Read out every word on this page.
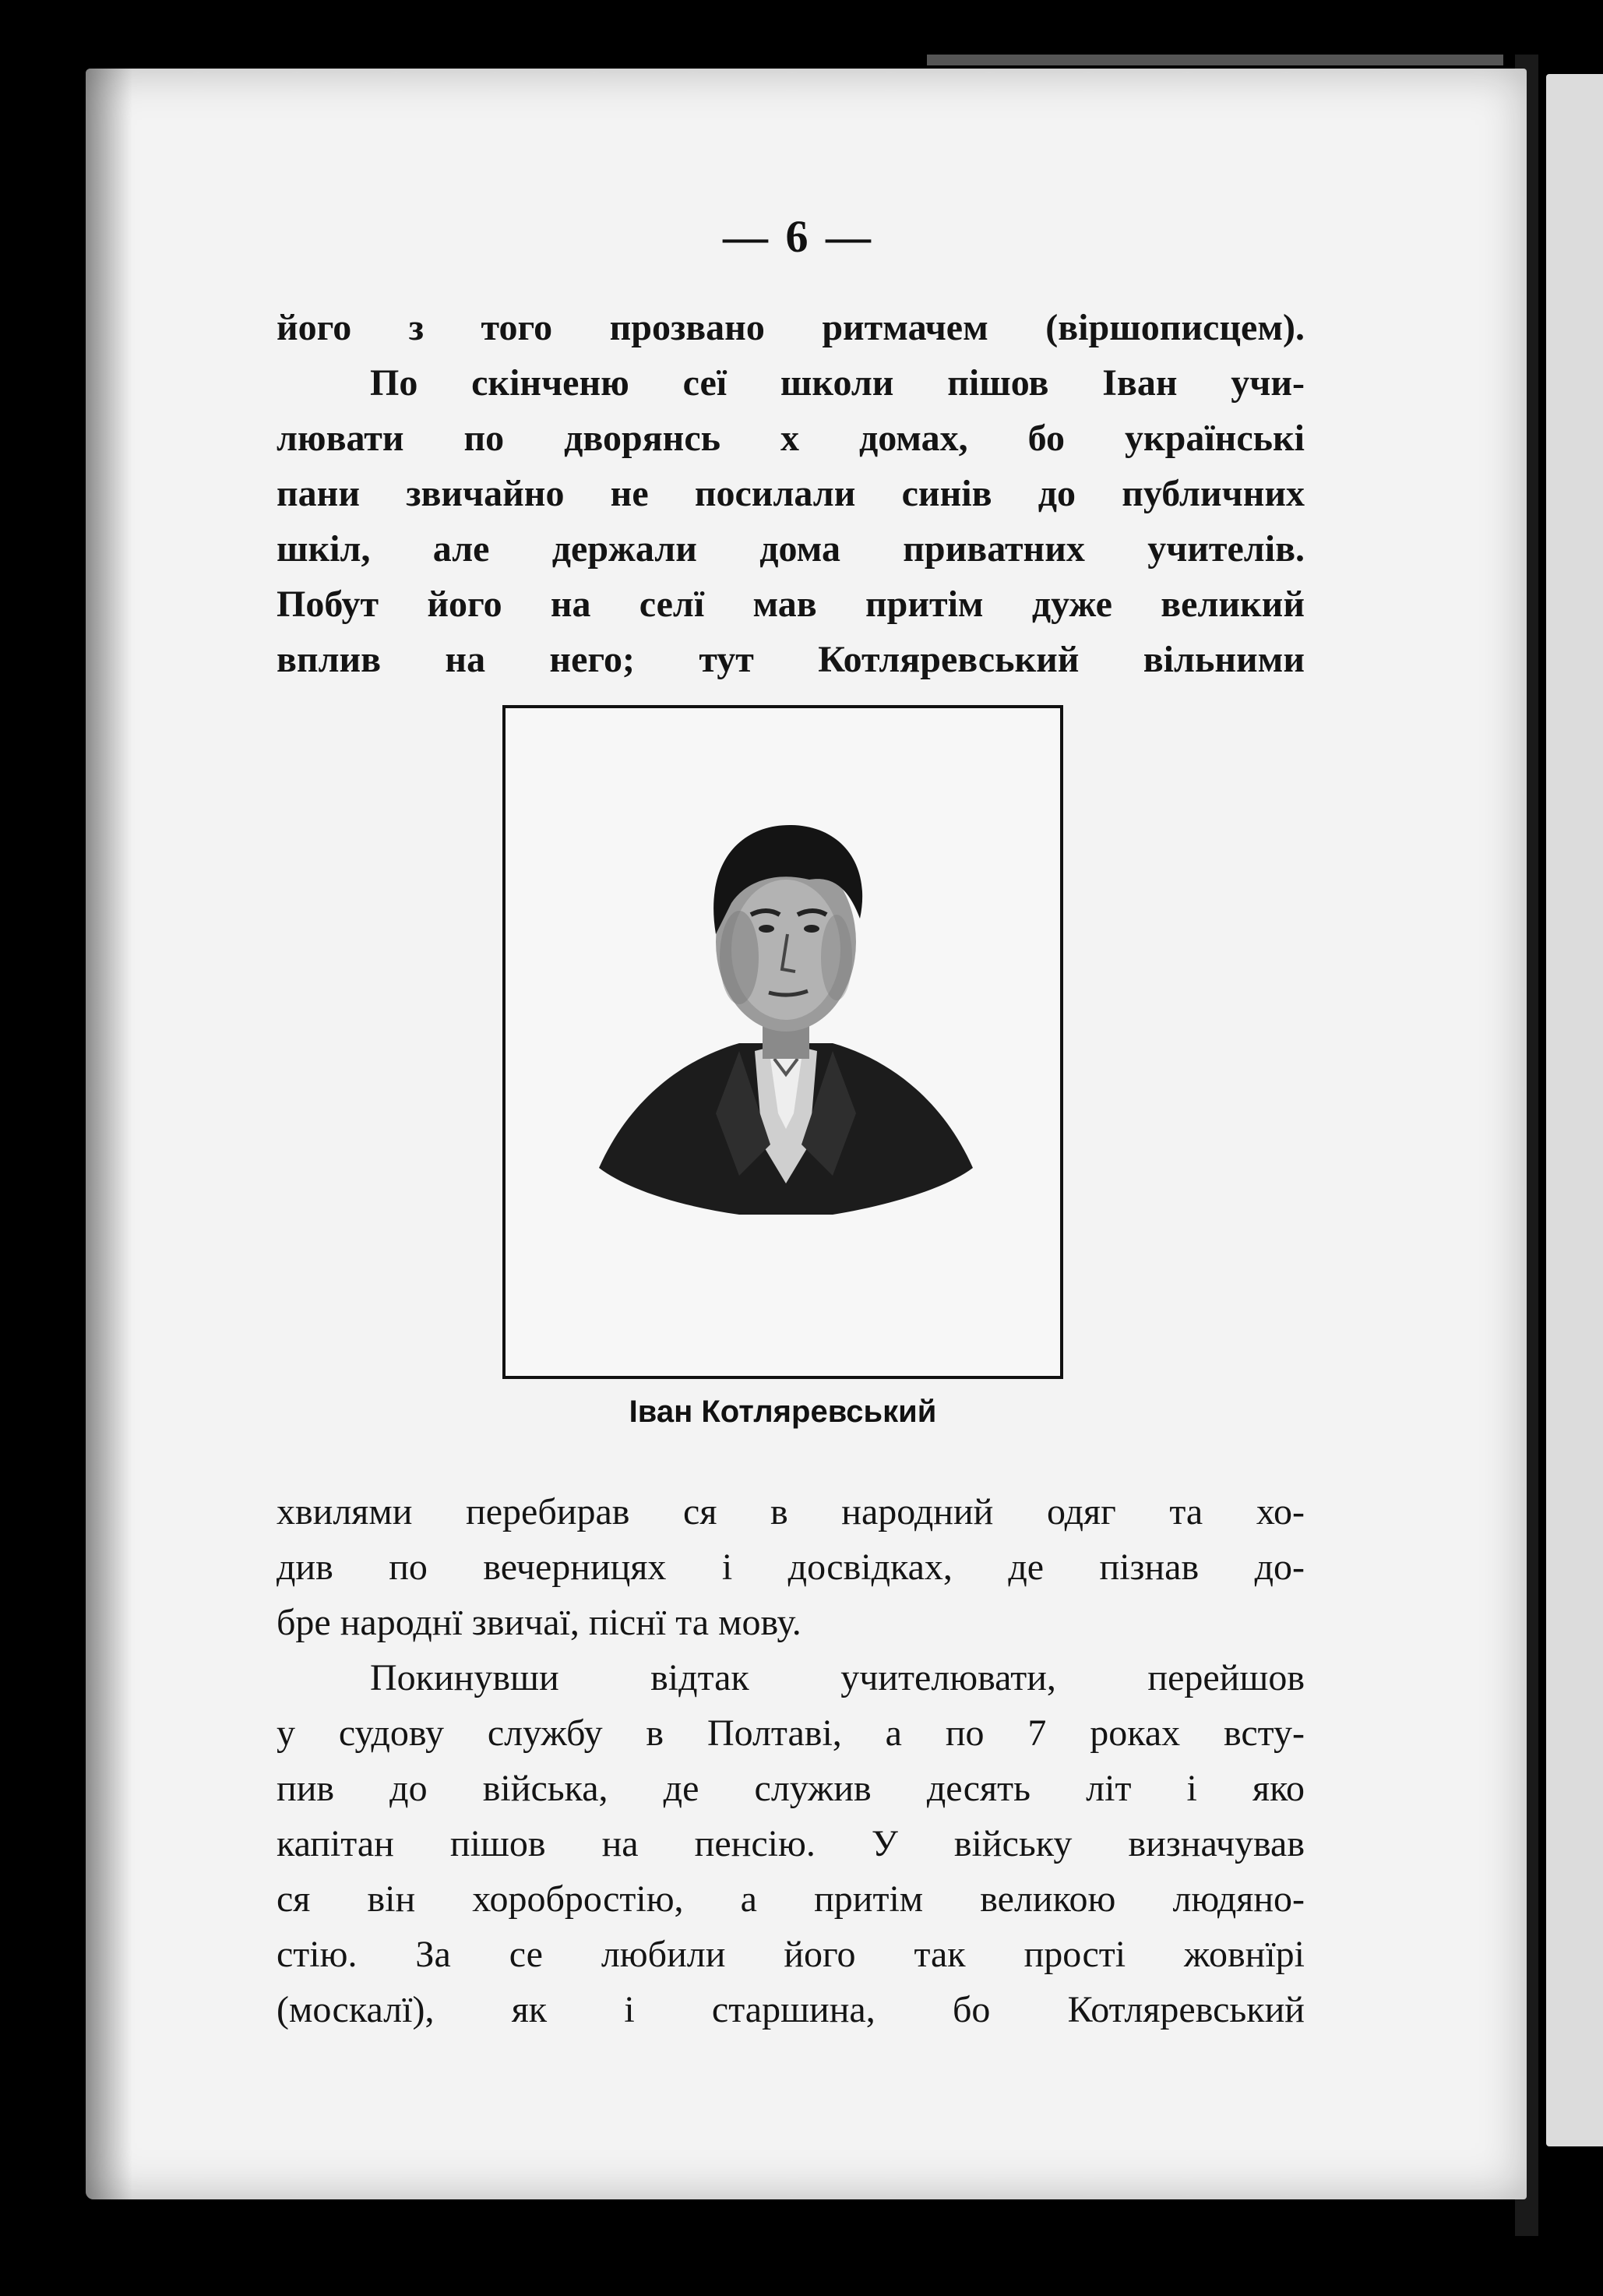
— 6 —
його з того прозвано ритмачем (віршописцем).
По скінченю сеї школи пішов Іван учи-
лювати по дворянсь х домах, бо українські
пани звичайно не посилали синів до публичних
шкіл, але держали дома приватних учителів.
Побут його на селї мав притім дуже великий
вплив на него; тут Котляревський вільними
Іван Котляревський
хвилями перебирав ся в народний одяг та хо-
див по вечерницях і досвідках, де пізнав до-
бре народнї звичаї, піснї та мову.
Покинувши відтак учителювати, перейшов
у судову службу в Полтаві, а по 7 роках всту-
пив до війська, де служив десять літ і яко
капітан пішов на пенсію. У війську визначував
ся він хоробростію, а притім великою людяно-
стію. За се любили його так прості жовнїрі
(москалї), як і старшина, бо Котляревський
